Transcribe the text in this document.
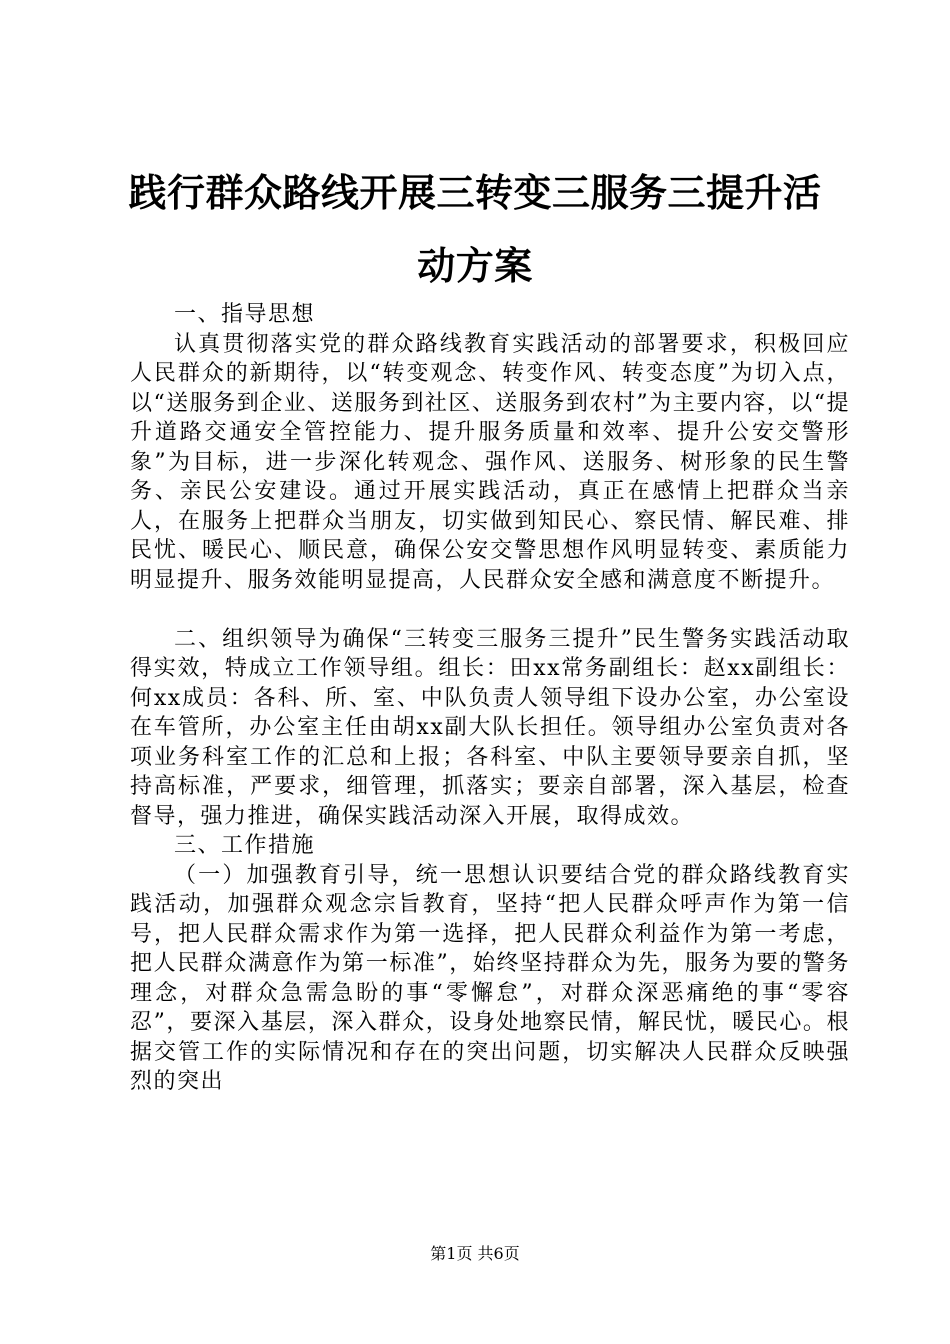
践行群众路线开展三转变三服务三提升活动方案

一、指导思想

认真贯彻落实党的群众路线教育实践活动的部署要求，积极回应人民群众的新期待，以“转变观念、转变作风、转变态度”为切入点，以“送服务到企业、送服务到社区、送服务到农村”为主要内容，以“提升道路交通安全管控能力、提升服务质量和效率、提升公安交警形象”为目标，进一步深化转观念、强作风、送服务、树形象的民生警务、亲民公安建设。通过开展实践活动，真正在感情上把群众当亲人，在服务上把群众当朋友，切实做到知民心、察民情、解民难、排民忧、暖民心、顺民意，确保公安交警思想作风明显转变、素质能力明显提升、服务效能明显提高，人民群众安全感和满意度不断提升。

二、组织领导为确保“三转变三服务三提升”民生警务实践活动取得实效，特成立工作领导组。组长：田xx常务副组长：赵xx副组长：何xx成员：各科、所、室、中队负责人领导组下设办公室，办公室设在车管所，办公室主任由胡xx副大队长担任。领导组办公室负责对各项业务科室工作的汇总和上报；各科室、中队主要领导要亲自抓，坚持高标准，严要求，细管理，抓落实；要亲自部署，深入基层，检查督导，强力推进，确保实践活动深入开展，取得成效。

三、工作措施

（一）加强教育引导，统一思想认识要结合党的群众路线教育实践活动，加强群众观念宗旨教育，坚持“把人民群众呼声作为第一信号，把人民群众需求作为第一选择，把人民群众利益作为第一考虑，把人民群众满意作为第一标准”，始终坚持群众为先，服务为要的警务理念，对群众急需急盼的事“零懈怠”，对群众深恶痛绝的事“零容忍”，要深入基层，深入群众，设身处地察民情，解民忧，暖民心。根据交管工作的实际情况和存在的突出问题，切实解决人民群众反映强烈的突出

第1页 共6页
